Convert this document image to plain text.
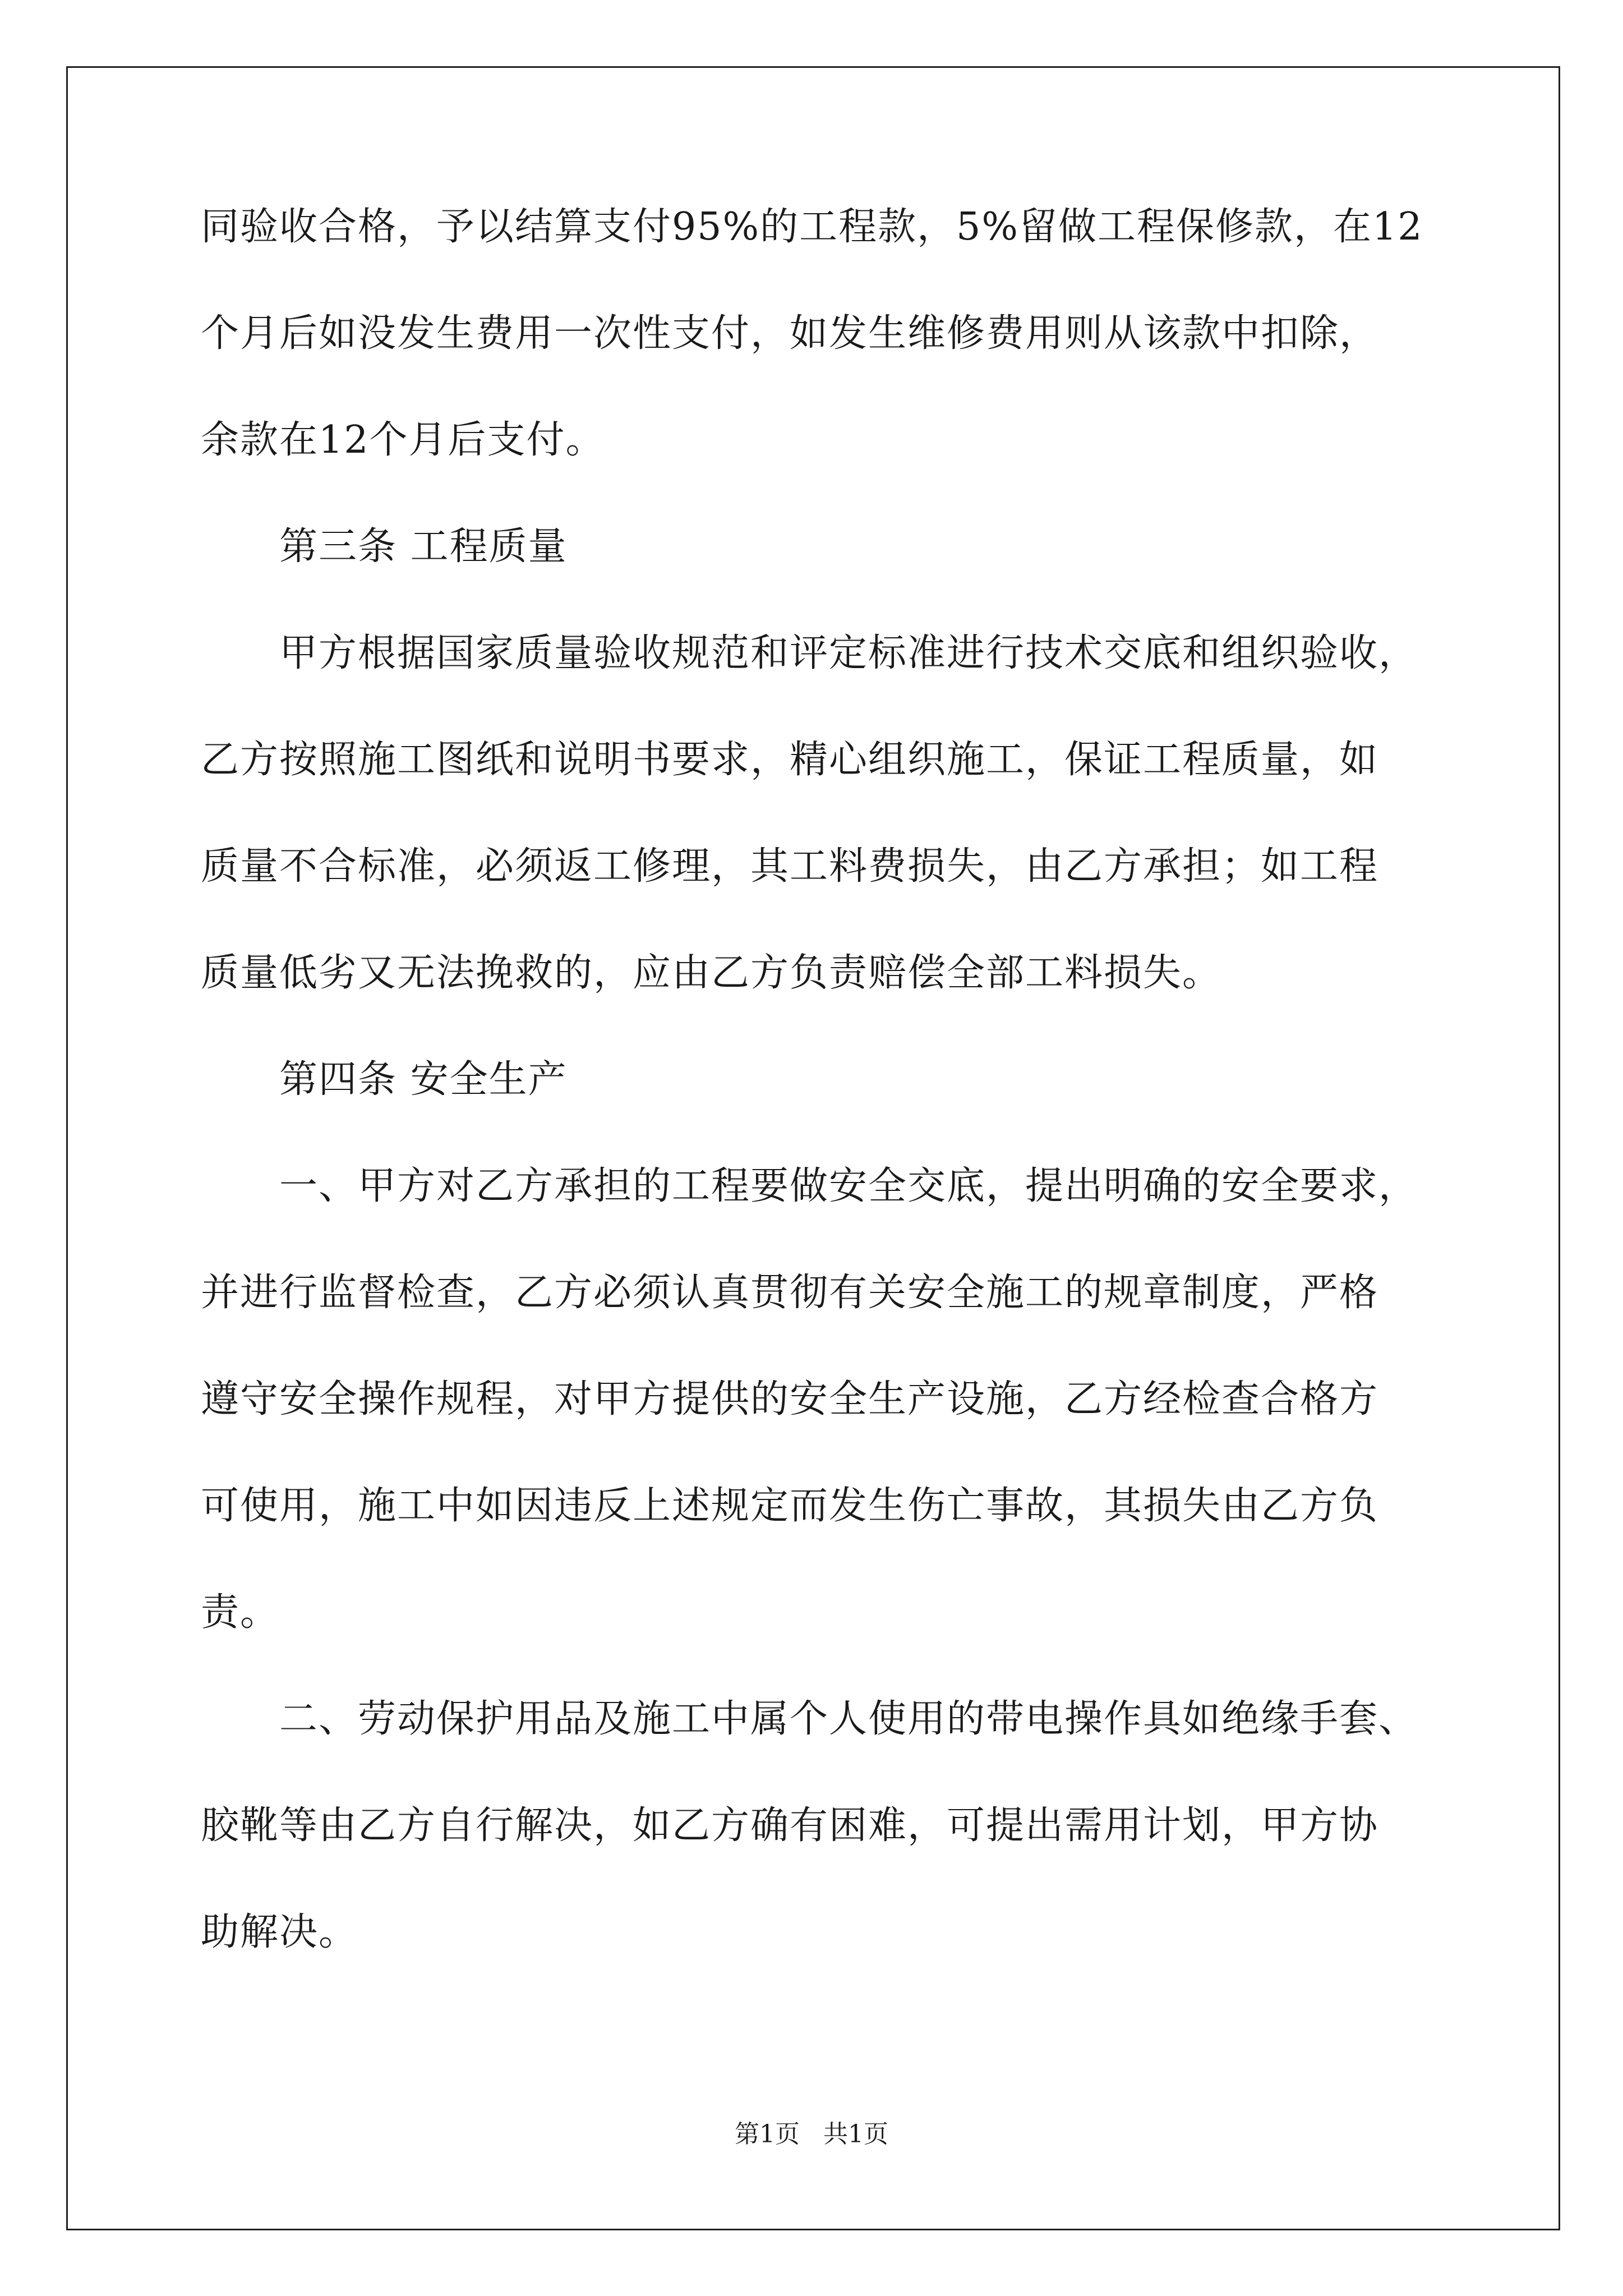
同验收合格，予以结算支付95%的工程款，5%留做工程保修款，在12
个月后如没发生费用一次性支付，如发生维修费用则从该款中扣除，
余款在12个月后支付。
第三条 工程质量
甲方根据国家质量验收规范和评定标准进行技术交底和组织验收，
乙方按照施工图纸和说明书要求，精心组织施工，保证工程质量，如
质量不合标准，必须返工修理，其工料费损失，由乙方承担；如工程
质量低劣又无法挽救的，应由乙方负责赔偿全部工料损失。
第四条 安全生产
一、甲方对乙方承担的工程要做安全交底，提出明确的安全要求，
并进行监督检查，乙方必须认真贯彻有关安全施工的规章制度，严格
遵守安全操作规程，对甲方提供的安全生产设施，乙方经检查合格方
可使用，施工中如因违反上述规定而发生伤亡事故，其损失由乙方负
责。
二、劳动保护用品及施工中属个人使用的带电操作具如绝缘手套、
胶靴等由乙方自行解决，如乙方确有困难，可提出需用计划，甲方协
助解决。
第1页 共1页
